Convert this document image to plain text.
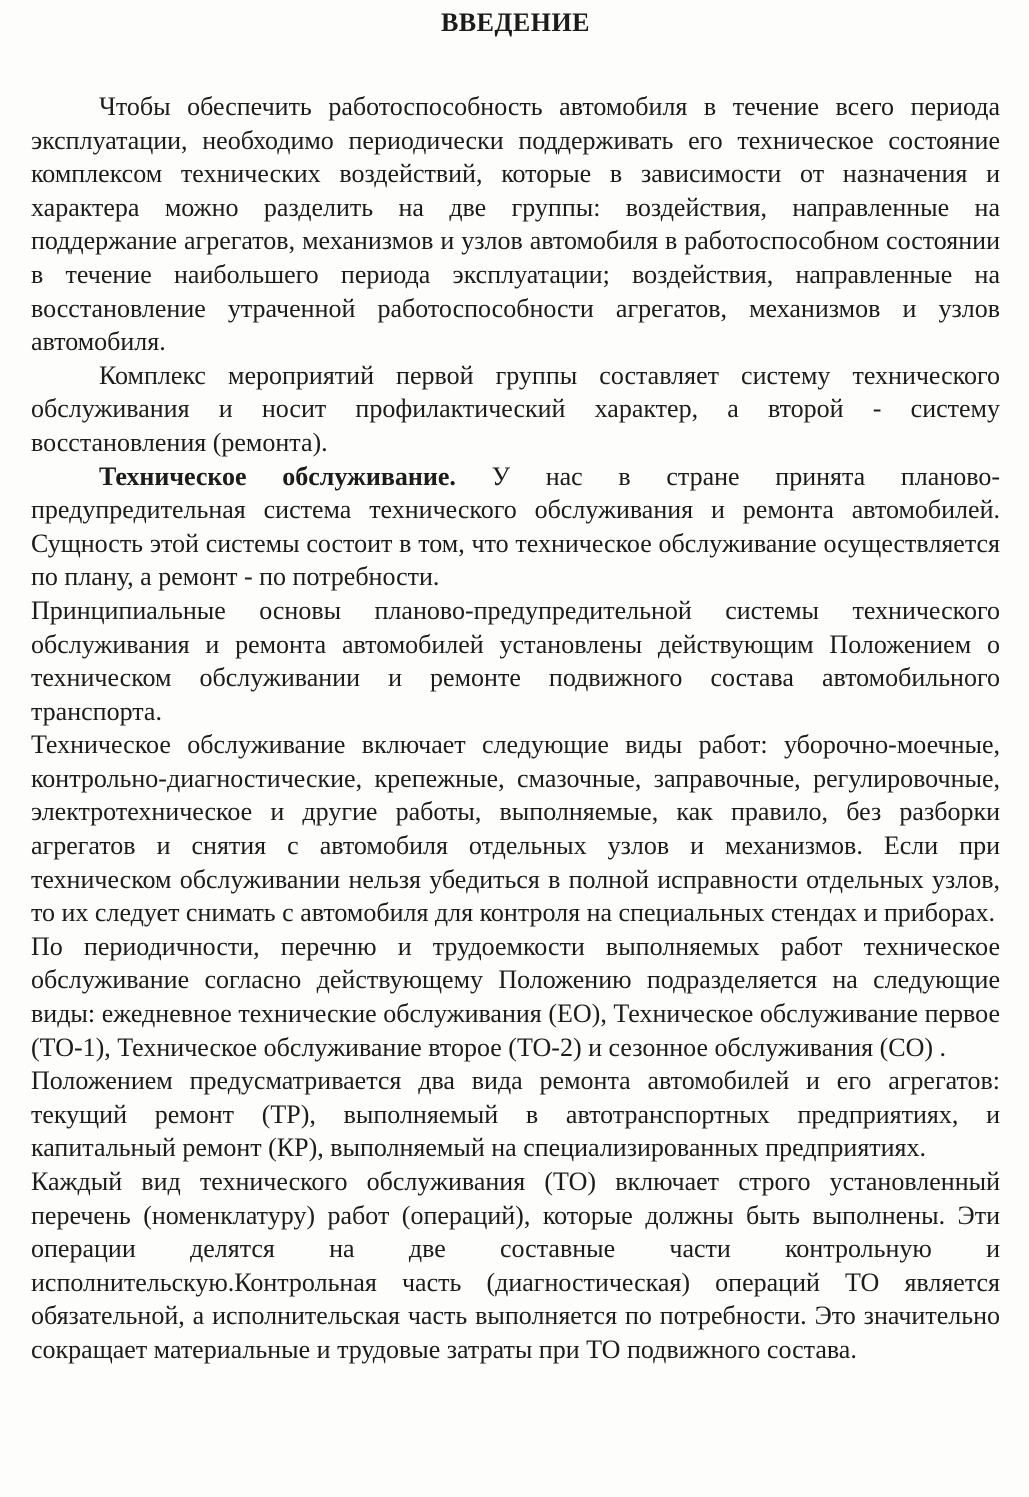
ВВЕДЕНИЕ

Чтобы обеспечить работоспособность автомобиля в течение всего периода эксплуатации, необходимо периодически поддерживать его техническое состояние комплексом технических воздействий, которые в зависимости от назначения и характера можно разделить на две группы: воздействия, направленные на поддержание агрегатов, механизмов и узлов автомобиля в работоспособном состоянии в течение наибольшего периода эксплуатации; воздействия, направленные на восстановление утраченной работоспособности агрегатов, механизмов и узлов автомобиля.

Комплекс мероприятий первой группы составляет систему технического обслуживания и носит профилактический характер, а второй - систему восстановления (ремонта).

Техническое обслуживание. У нас в стране принята планово-предупредительная система технического обслуживания и ремонта автомобилей. Сущность этой системы состоит в том, что техническое обслуживание осуществляется по плану, а ремонт - по потребности.

Принципиальные основы планово-предупредительной системы технического обслуживания и ремонта автомобилей установлены действующим Положением о техническом обслуживании и ремонте подвижного состава автомобильного транспорта.

Техническое обслуживание включает следующие виды работ: уборочно-моечные, контрольно-диагностические, крепежные, смазочные, заправочные, регулировочные, электротехническое и другие работы, выполняемые, как правило, без разборки агрегатов и снятия с автомобиля отдельных узлов и механизмов. Если при техническом обслуживании нельзя убедиться в полной исправности отдельных узлов, то их следует снимать с автомобиля для контроля на специальных стендах и приборах.

По периодичности, перечню и трудоемкости выполняемых работ техническое обслуживание согласно действующему Положению подразделяется на следующие виды: ежедневное технические обслуживания (ЕО), Техническое обслуживание первое (ТО-1), Техническое обслуживание второе (ТО-2) и сезонное обслуживания (СО) .

Положением предусматривается два вида ремонта автомобилей и его агрегатов: текущий ремонт (ТР), выполняемый в автотранспортных предприятиях, и капитальный ремонт (КР), выполняемый на специализированных предприятиях.

Каждый вид технического обслуживания (ТО) включает строго установленный перечень (номенклатуру) работ (операций), которые должны быть выполнены. Эти операции делятся на две составные части контрольную и исполнительскую.Контрольная часть (диагностическая) операций ТО является обязательной, а исполнительская часть выполняется по потребности. Это значительно сокращает материальные и трудовые затраты при ТО подвижного состава.
